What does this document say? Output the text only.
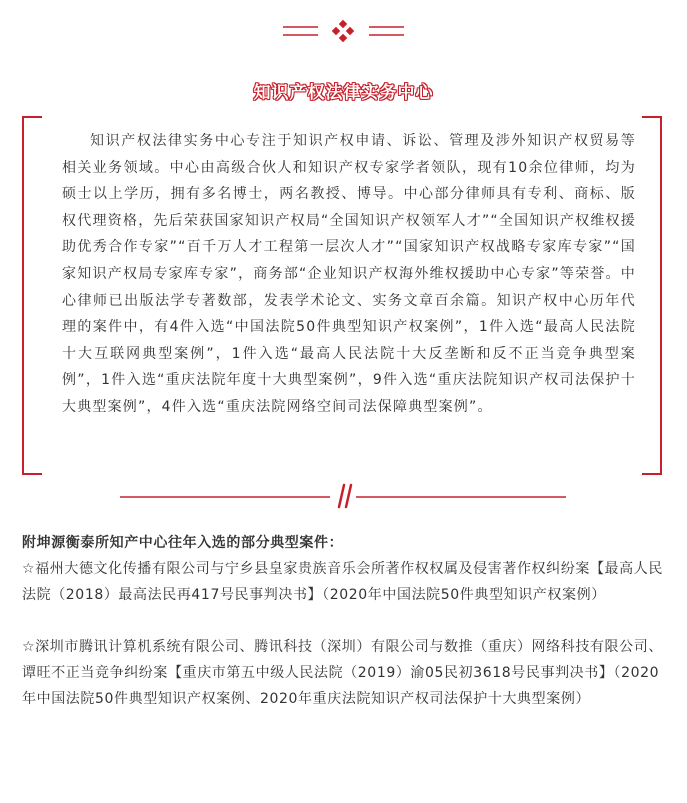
知识产权法律实务中心

知识产权法律实务中心专注于知识产权申请、诉讼、管理及涉外知识产权贸易等相关业务领域。中心由高级合伙人和知识产权专家学者领队，现有10余位律师，均为硕士以上学历，拥有多名博士，两名教授、博导。中心部分律师具有专利、商标、版权代理资格，先后荣获国家知识产权局“全国知识产权领军人才”“全国知识产权维权援助优秀合作专家”“百千万人才工程第一层次人才”“国家知识产权战略专家库专家”“国家知识产权局专家库专家”，商务部“企业知识产权海外维权援助中心专家”等荣誉。中心律师已出版法学专著数部，发表学术论文、实务文章百余篇。知识产权中心历年代理的案件中，有4件入选“中国法院50件典型知识产权案例”，1件入选“最高人民法院十大互联网典型案例”，1件入选“最高人民法院十大反垄断和反不正当竞争典型案例”，1件入选“重庆法院年度十大典型案例”，9件入选“重庆法院知识产权司法保护十大典型案例”，4件入选“重庆法院网络空间司法保障典型案例”。

附坤源衡泰所知产中心往年入选的部分典型案件：

☆福州大德文化传播有限公司与宁乡县皇家贵族音乐会所著作权权属及侵害著作权纠纷案【最高人民法院（2018）最高法民再417号民事判决书】（2020年中国法院50件典型知识产权案例）

☆深圳市腾讯计算机系统有限公司、腾讯科技（深圳）有限公司与数推（重庆）网络科技有限公司、谭旺不正当竞争纠纷案【重庆市第五中级人民法院（2019）渝05民初3618号民事判决书】（2020年中国法院50件典型知识产权案例、2020年重庆法院知识产权司法保护十大典型案例）
